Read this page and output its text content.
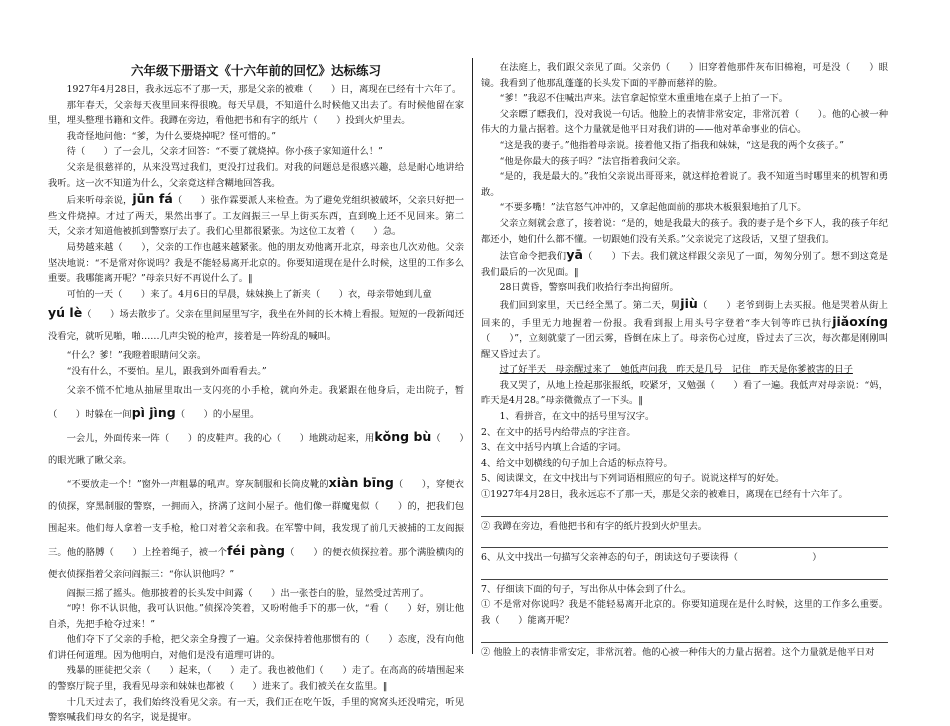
六年级下册语文《十六年前的回忆》达标练习

1927年4月28日，我永远忘不了那一天，那是父亲的被难（　　）日，离现在已经有十六年了。

那年春天，父亲每天夜里回来得很晚。每天早晨，不知道什么时候他又出去了。有时候他留在家里，埋头整理书籍和文件。我蹲在旁边，看他把书和有字的纸片（　　）投到火炉里去。

我奇怪地问他：“爹，为什么要烧掉呢？怪可惜的。”

待（　　）了一会儿，父亲才回答：“不要了就烧掉。你小孩子家知道什么！”

父亲是很慈祥的，从来没骂过我们，更没打过我们。对我的问题总是很感兴趣，总是耐心地讲给我听。这一次不知道为什么，父亲竟这样含糊地回答我。

后来听母亲说，jūn fá（　　）张作霖要派人来检查。为了避免党组织被破坏，父亲只好把一些文件烧掉。才过了两天，果然出事了。工友阎振三一早上街买东西，直到晚上还不见回来。第二天，父亲才知道他被抓到警察厅去了。我们心里都很紧张。为这位工友着（　　）急。

局势越来越（　　），父亲的工作也越来越紧张。他的朋友劝他离开北京，母亲也几次劝他。父亲坚决地说：“不是常对你说吗？我是不能轻易离开北京的。你要知道现在是什么时候，这里的工作多么重要。我哪能离开呢？”母亲只好不再说什么了。‖

可怕的一天（　　）来了。4月6日的早晨，妹妹换上了新夹（　　）衣，母亲带她到儿童

yú lè（　　）场去散步了。父亲在里间屋里写字，我坐在外间的长木椅上看报。短短的一段新闻还没看完，就听见啪，啪……几声尖锐的枪声，接着是一阵纷乱的喊叫。

“什么？爹！”我瞪着眼睛问父亲。

“没有什么，不要怕。星儿，跟我到外面看看去。”

父亲不慌不忙地从抽屉里取出一支闪亮的小手枪，就向外走。我紧跟在他身后，走出院子，暂（　　）时躲在一间pì jìng（　　）的小屋里。

一会儿，外面传来一阵（　　）的皮鞋声。我的心（　　）地跳动起来，用kǒng bù（　　）的眼光瞅了瞅父亲。

“不要放走一个！”窗外一声粗暴的吼声。穿灰制服和长筒皮靴的xiàn bīng（　　），穿便衣的侦探，穿黑制服的警察，一拥而入，挤满了这间小屋子。他们像一群魔鬼似（　　）的，把我们包围起来。他们每人拿着一支手枪，枪口对着父亲和我。在军警中间，我发现了前几天被捕的工友阎振三。他的胳膊（　　）上拴着绳子，被一个féi pàng（　　）的便衣侦探拉着。那个满脸横肉的便衣侦探指着父亲问阎振三：“你认识他吗？”

阎振三摇了摇头。他那披着的长头发中间露（　　）出一张苍白的脸，显然受过苦刑了。

“哼！你不认识他，我可认识他。”侦探冷笑着，又吩咐他手下的那一伙，“看（　　）好，别让他自杀，先把手枪夺过来！”

他们夺下了父亲的手枪，把父亲全身搜了一遍。父亲保持着他那惯有的（　　）态度，没有向他们讲任何道理。因为他明白，对他们是没有道理可讲的。

残暴的匪徒把父亲（　　）起来，（　　）走了。我也被他们（　　）走了。在高高的砖墙围起来的警察厅院子里，我看见母亲和妹妹也都被（　　）进来了。我们被关在女监里。‖

十几天过去了，我们始终没看见父亲。有一天，我们正在吃午饭，手里的窝窝头还没啃完，听见警察喊我们母女的名字，说是提审。

在法庭上，我们跟父亲见了面。父亲仍（　　）旧穿着他那件灰布旧棉袍，可是没（　　）眼镜。我看到了他那乱蓬蓬的长头发下面的平静而慈祥的脸。

“爹！”我忍不住喊出声来。法官拿起惊堂木重重地在桌子上拍了一下。

父亲瞟了瞟我们，没对我说一句话。他脸上的表情非常安定，非常沉着（　　）。他的心被一种伟大的力量占据着。这个力量就是他平日对我们讲的——他对革命事业的信心。

“这是我的妻子。”他指着母亲说。接着他又指了指我和妹妹，“这是我的两个女孩子。”

“他是你最大的孩子吗？”法官指着我问父亲。

“是的，我是最大的。”我怕父亲说出哥哥来，就这样抢着说了。我不知道当时哪里来的机智和勇敢。

“不要多嘴！”法官怒气冲冲的，又拿起他面前的那块木板狠狠地拍了几下。

父亲立刻就会意了，接着说：“是的，她是我最大的孩子。我的妻子是个乡下人，我的孩子年纪都还小，她们什么都不懂。一切跟她们没有关系。”父亲说完了这段话，又望了望我们。

法官命令把我们yā（　　）下去。我们就这样跟父亲见了一面，匆匆分别了。想不到这竟是我们最后的一次见面。‖

28日黄昏，警察叫我们收拾行李出拘留所。

我们回到家里，天已经全黑了。第二天，舅jiù（　　）老爷到街上去买报。他是哭着从街上回来的，手里无力地握着一份报。我看到报上用头号字登着“李大钊等昨已执行jiǎoxíng（　　）”，立刻就蒙了一团云雾，昏倒在床上了。母亲伤心过度，昏过去了三次，每次都是刚刚叫醒又昏过去了。

过了好半天　母亲醒过来了　她低声问我　昨天是几号　记住　昨天是你爹被害的日子

我又哭了，从地上捡起那张报纸，咬紧牙，又勉强（　　）看了一遍。我低声对母亲说：“妈，昨天是4月28。”母亲微微点了一下头。‖

1、看拼音，在文中的括号里写汉字。

2、在文中的括号内给带点的字注音。

3、在文中括号内填上合适的字词。

4、给文中划横线的句子加上合适的标点符号。

5、阅读课文，在文中找出与下列词语相照应的句子。说说这样写的好处。

①1927年4月28日，我永远忘不了那一天，那是父亲的被难日，离现在已经有十六年了。

② 我蹲在旁边，看他把书和有字的纸片投到火炉里去。

6、从文中找出一句描写父亲神态的句子，朗读这句子要读得（　　　　　　　　）

7、仔细读下面的句子，写出你从中体会到了什么。

① 不是常对你说吗？我是不能轻易离开北京的。你要知道现在是什么时候，这里的工作多么重要。我（　　）能离开呢？

② 他脸上的表情非常安定，非常沉着。他的心被一种伟大的力量占据着。这个力量就是他平日对
